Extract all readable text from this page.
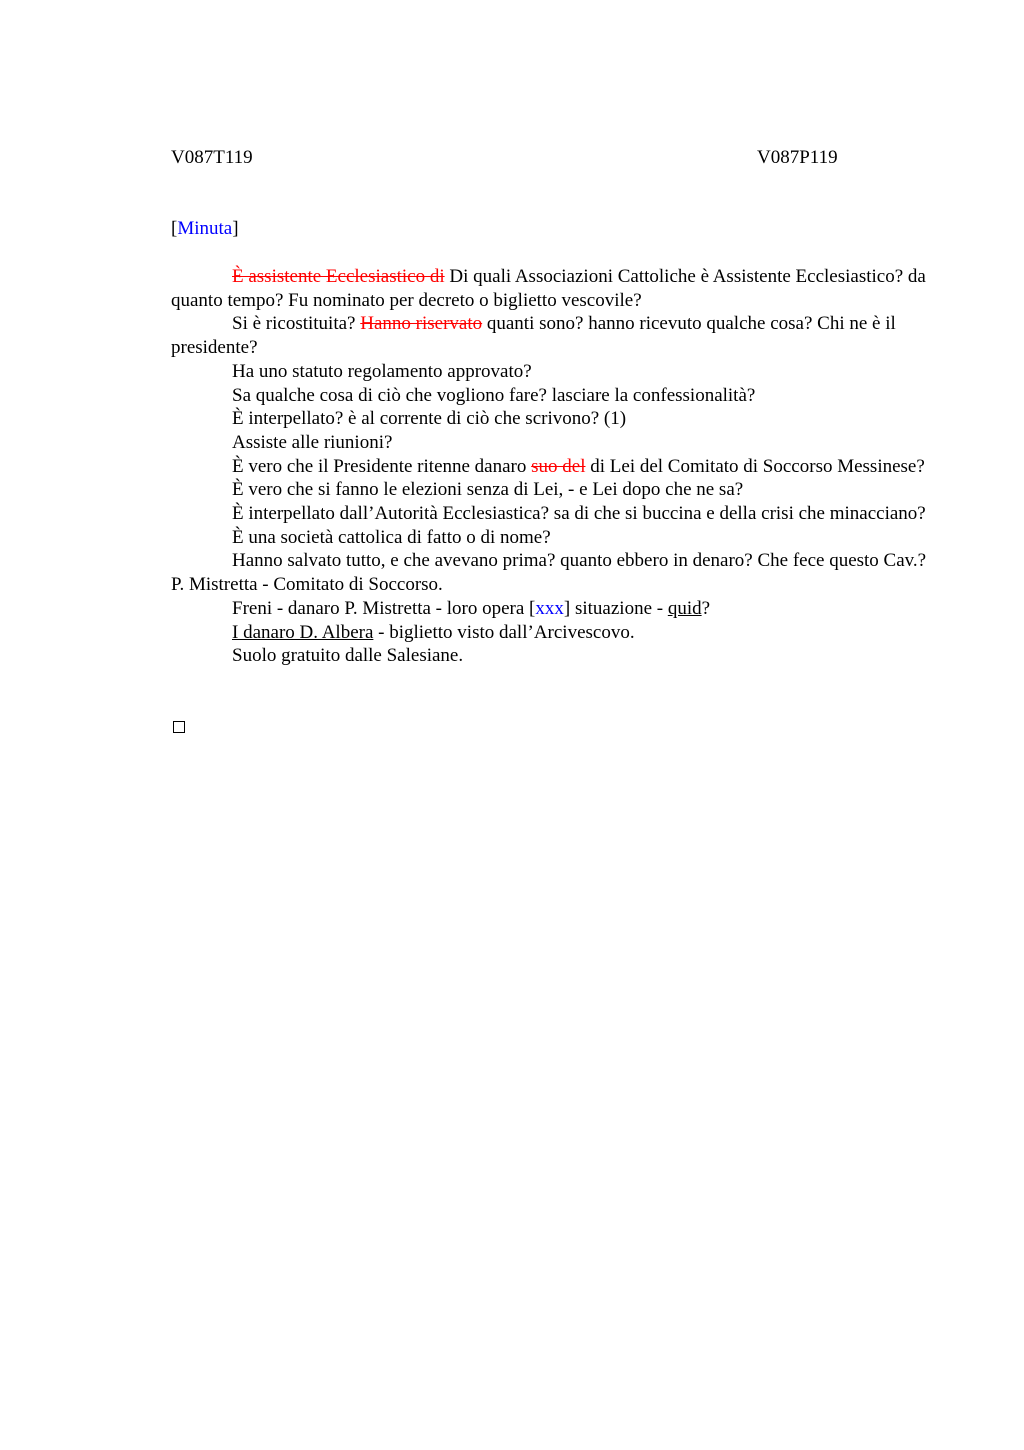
V087T119	V087P119
[Minuta]

È assistente Ecclesiastico di Di quali Associazioni Cattoliche è Assistente Ecclesiastico? da quanto tempo? Fu nominato per decreto o biglietto vescovile?

Si è ricostituita? Hanno riservato quanti sono? hanno ricevuto qualche cosa? Chi ne è il presidente?

Ha uno statuto regolamento approvato?

Sa qualche cosa di ciò che vogliono fare? lasciare la confessionalità?

È interpellato? è al corrente di ciò che scrivono? (1)

Assiste alle riunioni?

È vero che il Presidente ritenne danaro suo del di Lei del Comitato di Soccorso Messinese?

È vero che si fanno le elezioni senza di Lei, - e Lei dopo che ne sa?

È interpellato dall’Autorità Ecclesiastica? sa di che si buccina e della crisi che minacciano?

È una società cattolica di fatto o di nome?

Hanno salvato tutto, e che avevano prima? quanto ebbero in denaro? Che fece questo Cav.? P. Mistretta - Comitato di Soccorso.

Freni - danaro P. Mistretta - loro opera [xxx] situazione - quid?

I danaro D. Albera - biglietto visto dall’Arcivescovo.

Suolo gratuito dalle Salesiane.
